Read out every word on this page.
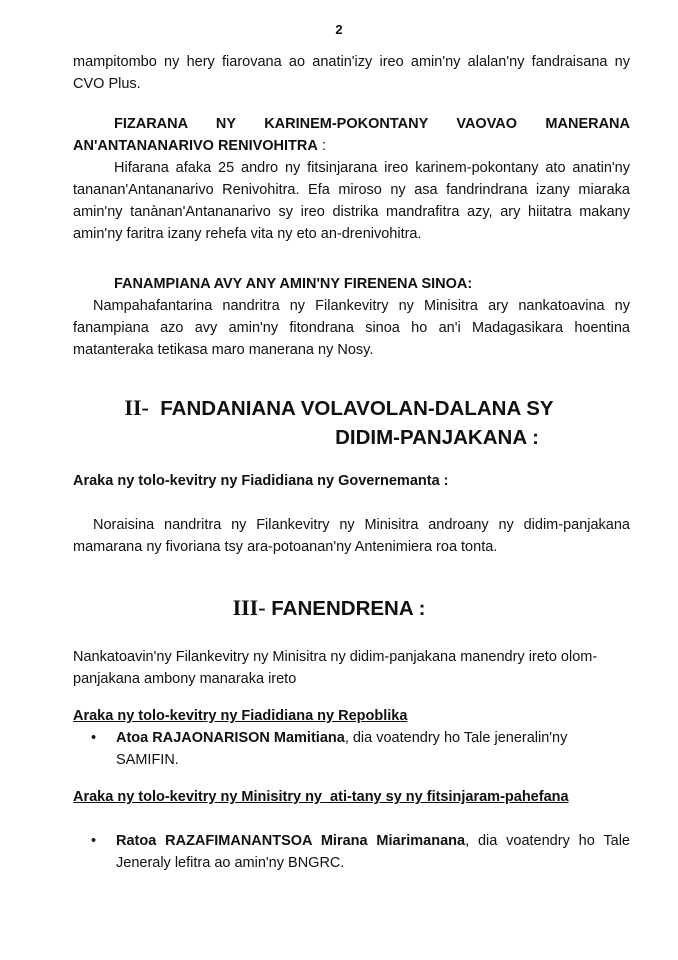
2
mampitombo ny hery fiarovana ao anatin'izy ireo amin'ny alalan'ny fandraisana ny CVO Plus.
FIZARANA NY KARINEM-POKONTANY VAOVAO MANERANA AN'ANTANANARIVO RENIVOHITRA :
Hifarana afaka 25 andro ny fitsinjarana ireo karinem-pokontany ato anatin'ny tananan'Antananarivo Renivohitra. Efa miroso ny asa fandrindrana izany miaraka amin'ny tanànan'Antananarivo sy ireo distrika mandrafitra azy, ary hiitatra makany amin'ny faritra izany rehefa vita ny eto an-drenivohitra.
FANAMPIANA AVY ANY AMIN'NY FIRENENA SINOA:
Nampahafantarina nandritra ny Filankevitry ny Minisitra ary nankatoavina ny fanampiana azo avy amin'ny fitondrana sinoa ho an'i Madagasikara hoentina matanteraka tetikasa maro manerana ny Nosy.
II- FANDANIANA VOLAVOLAN-DALANA SY
DIDIM-PANJAKANA :
Araka ny tolo-kevitry ny Fiadidiana ny Governemanta :
Noraisina nandritra ny Filankevitry ny Minisitra androany ny didim-panjakana mamarana ny fivoriana tsy ara-potoanan'ny Antenimiera roa tonta.
III- FANENDRENA :
Nankatoavin'ny Filankevitry ny Minisitra ny didim-panjakana manendry ireto olom-panjakana ambony manaraka ireto
Araka ny tolo-kevitry ny Fiadidiana ny Repoblika
•	Atoa RAJAONARISON Mamitiana, dia voatendry ho Tale jeneralin'ny SAMIFIN.
Araka ny tolo-kevitry ny Minisitry ny  ati-tany sy ny fitsinjaram-pahefana
•	Ratoa RAZAFIMANANTSOA Mirana Miarimanana, dia voatendry ho Tale Jeneraly lefitra ao amin'ny BNGRC.
